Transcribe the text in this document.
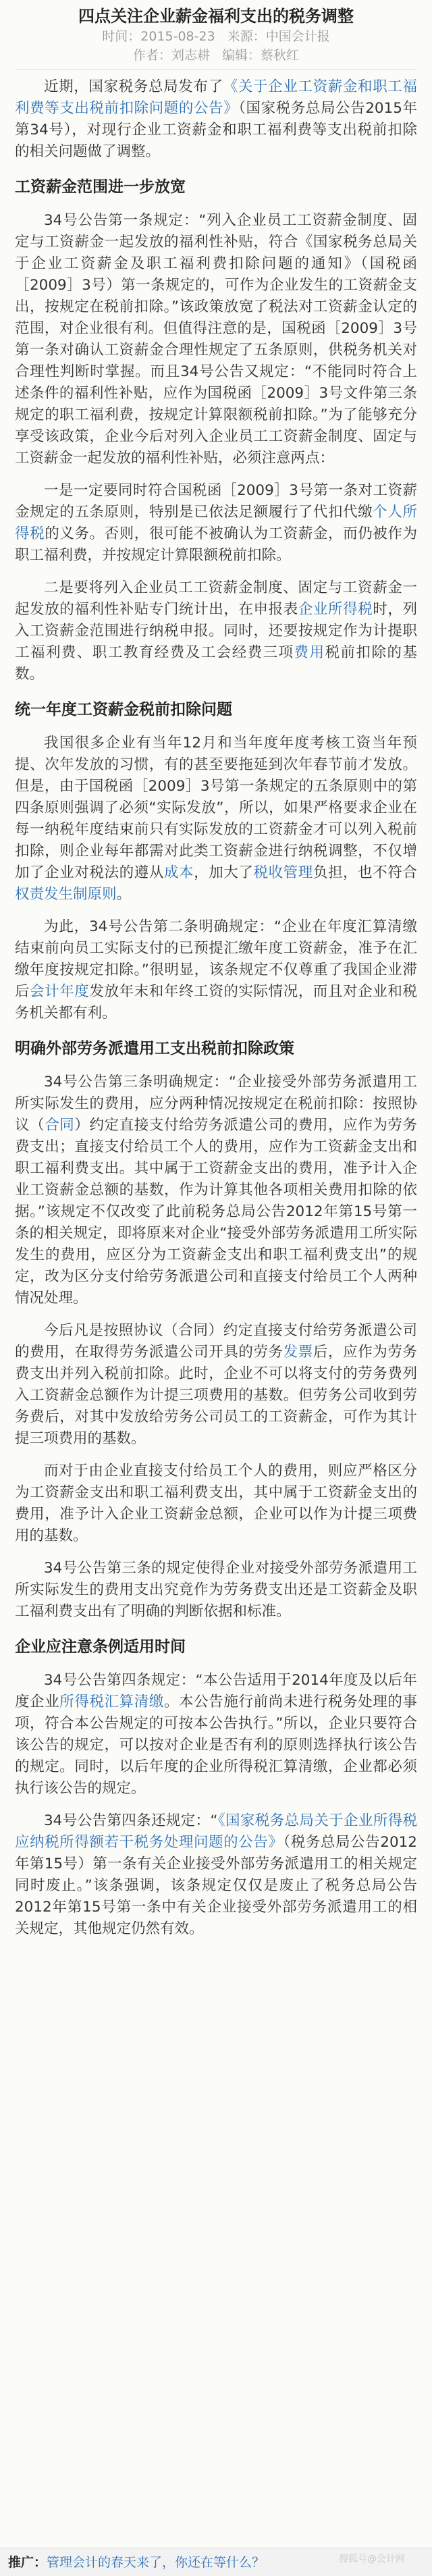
四点关注企业薪金福利支出的税务调整
时间：2015-08-23 来源：中国会计报
作者：刘志耕 编辑：蔡秋红

近期，国家税务总局发布了《关于企业工资薪金和职工福利费等支出税前扣除问题的公告》（国家税务总局公告2015年第34号），对现行企业工资薪金和职工福利费等支出税前扣除的相关问题做了调整。

工资薪金范围进一步放宽

34号公告第一条规定：“列入企业员工工资薪金制度、固定与工资薪金一起发放的福利性补贴，符合《国家税务总局关于企业工资薪金及职工福利费扣除问题的通知》（国税函［2009］3号）第一条规定的，可作为企业发生的工资薪金支出，按规定在税前扣除。”该政策放宽了税法对工资薪金认定的范围，对企业很有利。但值得注意的是，国税函［2009］3号第一条对确认工资薪金合理性规定了五条原则，供税务机关对合理性判断时掌握。而且34号公告又规定：“不能同时符合上述条件的福利性补贴，应作为国税函［2009］3号文件第三条规定的职工福利费，按规定计算限额税前扣除。”为了能够充分享受该政策，企业今后对列入企业员工工资薪金制度、固定与工资薪金一起发放的福利性补贴，必须注意两点：

一是一定要同时符合国税函［2009］3号第一条对工资薪金规定的五条原则，特别是已依法足额履行了代扣代缴个人所得税的义务。否则，很可能不被确认为工资薪金，而仍被作为职工福利费，并按规定计算限额税前扣除。

二是要将列入企业员工工资薪金制度、固定与工资薪金一起发放的福利性补贴专门统计出，在申报表企业所得税时，列入工资薪金范围进行纳税申报。同时，还要按规定作为计提职工福利费、职工教育经费及工会经费三项费用税前扣除的基数。

统一年度工资薪金税前扣除问题

我国很多企业有当年12月和当年度年度考核工资当年预提、次年发放的习惯，有的甚至要拖延到次年春节前才发放。但是，由于国税函［2009］3号第一条规定的五条原则中的第四条原则强调了必须“实际发放”，所以，如果严格要求企业在每一纳税年度结束前只有实际发放的工资薪金才可以列入税前扣除，则企业每年都需对此类工资薪金进行纳税调整，不仅增加了企业对税法的遵从成本，加大了税收管理负担，也不符合权责发生制原则。

为此，34号公告第二条明确规定：“企业在年度汇算清缴结束前向员工实际支付的已预提汇缴年度工资薪金，准予在汇缴年度按规定扣除。”很明显，该条规定不仅尊重了我国企业滞后会计年度发放年末和年终工资的实际情况，而且对企业和税务机关都有利。

明确外部劳务派遣用工支出税前扣除政策

34号公告第三条明确规定：“企业接受外部劳务派遣用工所实际发生的费用，应分两种情况按规定在税前扣除：按照协议（合同）约定直接支付给劳务派遣公司的费用，应作为劳务费支出；直接支付给员工个人的费用，应作为工资薪金支出和职工福利费支出。其中属于工资薪金支出的费用，准予计入企业工资薪金总额的基数，作为计算其他各项相关费用扣除的依据。”该规定不仅改变了此前税务总局公告2012年第15号第一条的相关规定，即将原来对企业“接受外部劳务派遣用工所实际发生的费用，应区分为工资薪金支出和职工福利费支出”的规定，改为区分支付给劳务派遣公司和直接支付给员工个人两种情况处理。

今后凡是按照协议（合同）约定直接支付给劳务派遣公司的费用，在取得劳务派遣公司开具的劳务发票后，应作为劳务费支出并列入税前扣除。此时，企业不可以将支付的劳务费列入工资薪金总额作为计提三项费用的基数。但劳务公司收到劳务费后，对其中发放给劳务公司员工的工资薪金，可作为其计提三项费用的基数。

而对于由企业直接支付给员工个人的费用，则应严格区分为工资薪金支出和职工福利费支出，其中属于工资薪金支出的费用，准予计入企业工资薪金总额，企业可以作为计提三项费用的基数。

34号公告第三条的规定使得企业对接受外部劳务派遣用工所实际发生的费用支出究竟作为劳务费支出还是工资薪金及职工福利费支出有了明确的判断依据和标准。

企业应注意条例适用时间

34号公告第四条规定：“本公告适用于2014年度及以后年度企业所得税汇算清缴。本公告施行前尚未进行税务处理的事项，符合本公告规定的可按本公告执行。”所以，企业只要符合该公告的规定，可以按对企业是否有利的原则选择执行该公告的规定。同时，以后年度的企业所得税汇算清缴，企业都必须执行该公告的规定。

34号公告第四条还规定：“《国家税务总局关于企业所得税应纳税所得额若干税务处理问题的公告》（税务总局公告2012年第15号）第一条有关企业接受外部劳务派遣用工的相关规定同时废止。”该条强调，该条规定仅仅是废止了税务总局公告2012年第15号第一条中有关企业接受外部劳务派遣用工的相关规定，其他规定仍然有效。

推广：管理会计的春天来了，你还在等什么？	搜狐号@会计网
